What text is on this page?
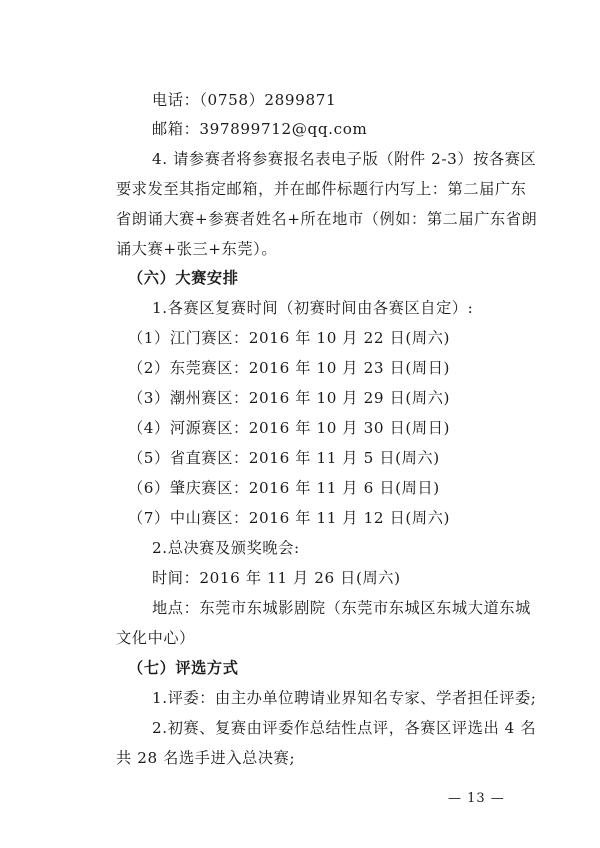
电话：（0758）2899871
邮箱：397899712@qq.com
4. 请参赛者将参赛报名表电子版（附件 2-3）按各赛区
要求发至其指定邮箱，并在邮件标题行内写上：第二届广东
省朗诵大赛+参赛者姓名+所在地市（例如：第二届广东省朗
诵大赛+张三+东莞）。
（六）大赛安排
1.各赛区复赛时间（初赛时间由各赛区自定）:
（1）江门赛区：2016 年 10 月 22 日(周六)
（2）东莞赛区：2016 年 10 月 23 日(周日)
（3）潮州赛区：2016 年 10 月 29 日(周六)
（4）河源赛区：2016 年 10 月 30 日(周日)
（5）省直赛区：2016 年 11 月 5 日(周六)
（6）肇庆赛区：2016 年 11 月 6 日(周日)
（7）中山赛区：2016 年 11 月 12 日(周六)
2.总决赛及颁奖晚会:
时间：2016 年 11 月 26 日(周六)
地点：东莞市东城影剧院（东莞市东城区东城大道东城
文化中心）
（七）评选方式
1.评委：由主办单位聘请业界知名专家、学者担任评委;
2.初赛、复赛由评委作总结性点评，各赛区评选出 4 名
共 28 名选手进入总决赛;
— 13 —
